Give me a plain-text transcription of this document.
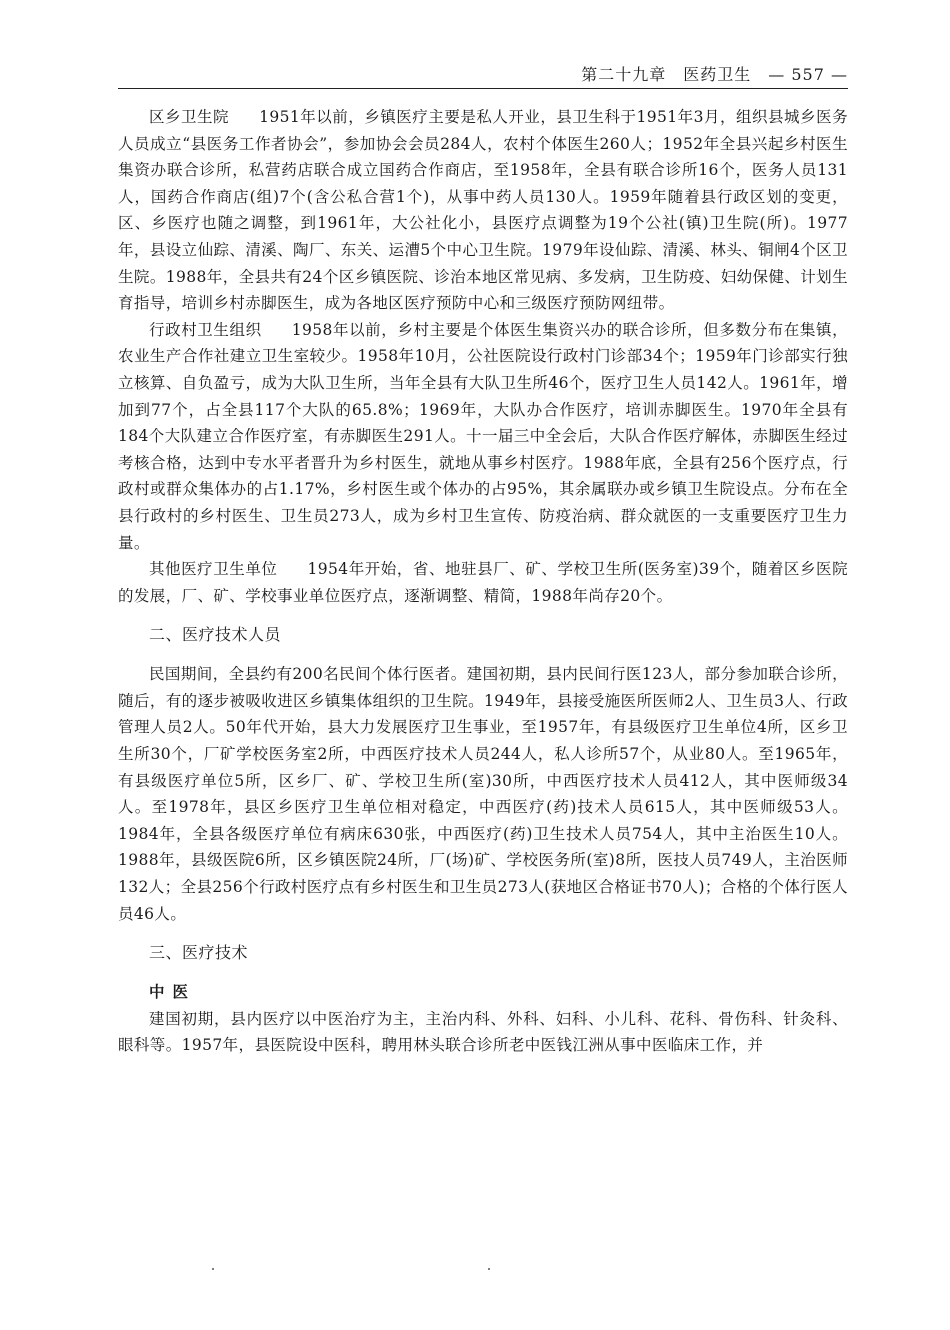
第二十九章　医药卫生　— 557 —

区乡卫生院 1951年以前，乡镇医疗主要是私人开业，县卫生科于1951年3月，组织县城乡医务人员成立“县医务工作者协会”，参加协会会员284人，农村个体医生260人；1952年全县兴起乡村医生集资办联合诊所，私营药店联合成立国药合作商店，至1958年，全县有联合诊所16个，医务人员131人，国药合作商店(组)7个(含公私合营1个)，从事中药人员130人。1959年随着县行政区划的变更，区、乡医疗也随之调整，到1961年，大公社化小，县医疗点调整为19个公社(镇)卫生院(所)。1977年，县设立仙踪、清溪、陶厂、东关、运漕5个中心卫生院。1979年设仙踪、清溪、林头、铜闸4个区卫生院。1988年，全县共有24个区乡镇医院、诊治本地区常见病、多发病，卫生防疫、妇幼保健、计划生育指导，培训乡村赤脚医生，成为各地区医疗预防中心和三级医疗预防网纽带。

行政村卫生组织 1958年以前，乡村主要是个体医生集资兴办的联合诊所，但多数分布在集镇，农业生产合作社建立卫生室较少。1958年10月，公社医院设行政村门诊部34个；1959年门诊部实行独立核算、自负盈亏，成为大队卫生所，当年全县有大队卫生所46个，医疗卫生人员142人。1961年，增加到77个，占全县117个大队的65.8%；1969年，大队办合作医疗，培训赤脚医生。1970年全县有184个大队建立合作医疗室，有赤脚医生291人。十一届三中全会后，大队合作医疗解体，赤脚医生经过考核合格，达到中专水平者晋升为乡村医生，就地从事乡村医疗。1988年底，全县有256个医疗点，行政村或群众集体办的占1.17%，乡村医生或个体办的占95%，其余属联办或乡镇卫生院设点。分布在全县行政村的乡村医生、卫生员273人，成为乡村卫生宣传、防疫治病、群众就医的一支重要医疗卫生力量。

其他医疗卫生单位 1954年开始，省、地驻县厂、矿、学校卫生所(医务室)39个，随着区乡医院的发展，厂、矿、学校事业单位医疗点，逐渐调整、精简，1988年尚存20个。

二、医疗技术人员

民国期间，全县约有200名民间个体行医者。建国初期，县内民间行医123人，部分参加联合诊所，随后，有的逐步被吸收进区乡镇集体组织的卫生院。1949年，县接受施医所医师2人、卫生员3人、行政管理人员2人。50年代开始，县大力发展医疗卫生事业，至1957年，有县级医疗卫生单位4所，区乡卫生所30个，厂矿学校医务室2所，中西医疗技术人员244人，私人诊所57个，从业80人。至1965年，有县级医疗单位5所，区乡厂、矿、学校卫生所(室)30所，中西医疗技术人员412人，其中医师级34人。至1978年，县区乡医疗卫生单位相对稳定，中西医疗(药)技术人员615人，其中医师级53人。1984年，全县各级医疗单位有病床630张，中西医疗(药)卫生技术人员754人，其中主治医生10人。1988年，县级医院6所，区乡镇医院24所，厂(场)矿、学校医务所(室)8所，医技人员749人，主治医师132人；全县256个行政村医疗点有乡村医生和卫生员273人(获地区合格证书70人)；合格的个体行医人员46人。

三、医疗技术
中医

建国初期，县内医疗以中医治疗为主，主治内科、外科、妇科、小儿科、花科、骨伤科、针灸科、眼科等。1957年，县医院设中医科，聘用林头联合诊所老中医钱江洲从事中医临床工作，并
